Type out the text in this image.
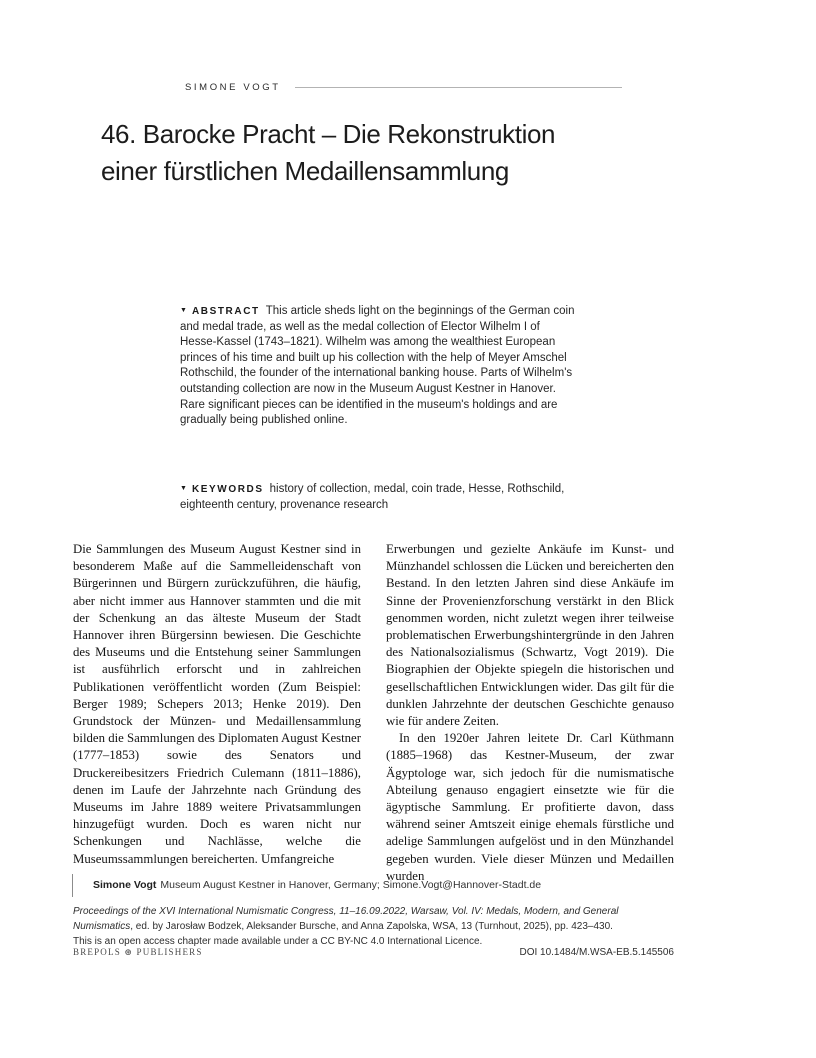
SIMONE VOGT
46. Barocke Pracht – Die Rekonstruktion
einer fürstlichen Medaillensammlung
▼ ABSTRACT This article sheds light on the beginnings of the German coin and medal trade, as well as the medal collection of Elector Wilhelm I of Hesse-Kassel (1743–1821). Wilhelm was among the wealthiest European princes of his time and built up his collection with the help of Meyer Amschel Rothschild, the founder of the international banking house. Parts of Wilhelm's outstanding collection are now in the Museum August Kestner in Hanover. Rare significant pieces can be identified in the museum's holdings and are gradually being published online.
▼ KEYWORDS history of collection, medal, coin trade, Hesse, Rothschild, eighteenth century, provenance research

Die Sammlungen des Museum August Kestner sind in besonderem Maße auf die Sammelleidenschaft von Bürgerinnen und Bürgern zurückzuführen, die häufig, aber nicht immer aus Hannover stammten und die mit der Schenkung an das älteste Museum der Stadt Hannover ihren Bürgersinn bewiesen. Die Geschichte des Museums und die Entstehung seiner Sammlungen ist ausführlich erforscht und in zahlreichen Publikationen veröffentlicht worden (Zum Beispiel: Berger 1989; Schepers 2013; Henke 2019). Den Grundstock der Münzen- und Medaillensammlung bilden die Sammlungen des Diplomaten August Kestner (1777–1853) sowie des Senators und Druckereibesitzers Friedrich Culemann (1811–1886), denen im Laufe der Jahrzehnte nach Gründung des Museums im Jahre 1889 weitere Privatsammlungen hinzugefügt wurden. Doch es waren nicht nur Schenkungen und Nachlässe, welche die Museumssammlungen bereicherten. Umfangreiche

Erwerbungen und gezielte Ankäufe im Kunst- und Münzhandel schlossen die Lücken und bereicherten den Bestand. In den letzten Jahren sind diese Ankäufe im Sinne der Provenienzforschung verstärkt in den Blick genommen worden, nicht zuletzt wegen ihrer teilweise problematischen Erwerbungshintergründe in den Jahren des Nationalsozialismus (Schwartz, Vogt 2019). Die Biographien der Objekte spiegeln die historischen und gesellschaftlichen Entwicklungen wider. Das gilt für die dunklen Jahrzehnte der deutschen Geschichte genauso wie für andere Zeiten.

In den 1920er Jahren leitete Dr. Carl Küthmann (1885–1968) das Kestner-Museum, der zwar Ägyptologe war, sich jedoch für die numismatische Abteilung genauso engagiert einsetzte wie für die ägyptische Sammlung. Er profitierte davon, dass während seiner Amtszeit einige ehemals fürstliche und adelige Sammlungen aufgelöst und in den Münzhandel gegeben wurden. Viele dieser Münzen und Medaillen wurden

Simone Vogt Museum August Kestner in Hanover, Germany; Simone.Vogt@Hannover-Stadt.de

Proceedings of the XVI International Numismatic Congress, 11–16.09.2022, Warsaw, Vol. IV: Medals, Modern, and General Numismatics, ed. by Jarosław Bodzek, Aleksander Bursche, and Anna Zapolska, WSA, 13 (Turnhout, 2025), pp. 423–430.

This is an open access chapter made available under a CC BY-NC 4.0 International Licence.

BREPOLS ⊛ PUBLISHERS	DOI 10.1484/M.WSA-EB.5.145506
